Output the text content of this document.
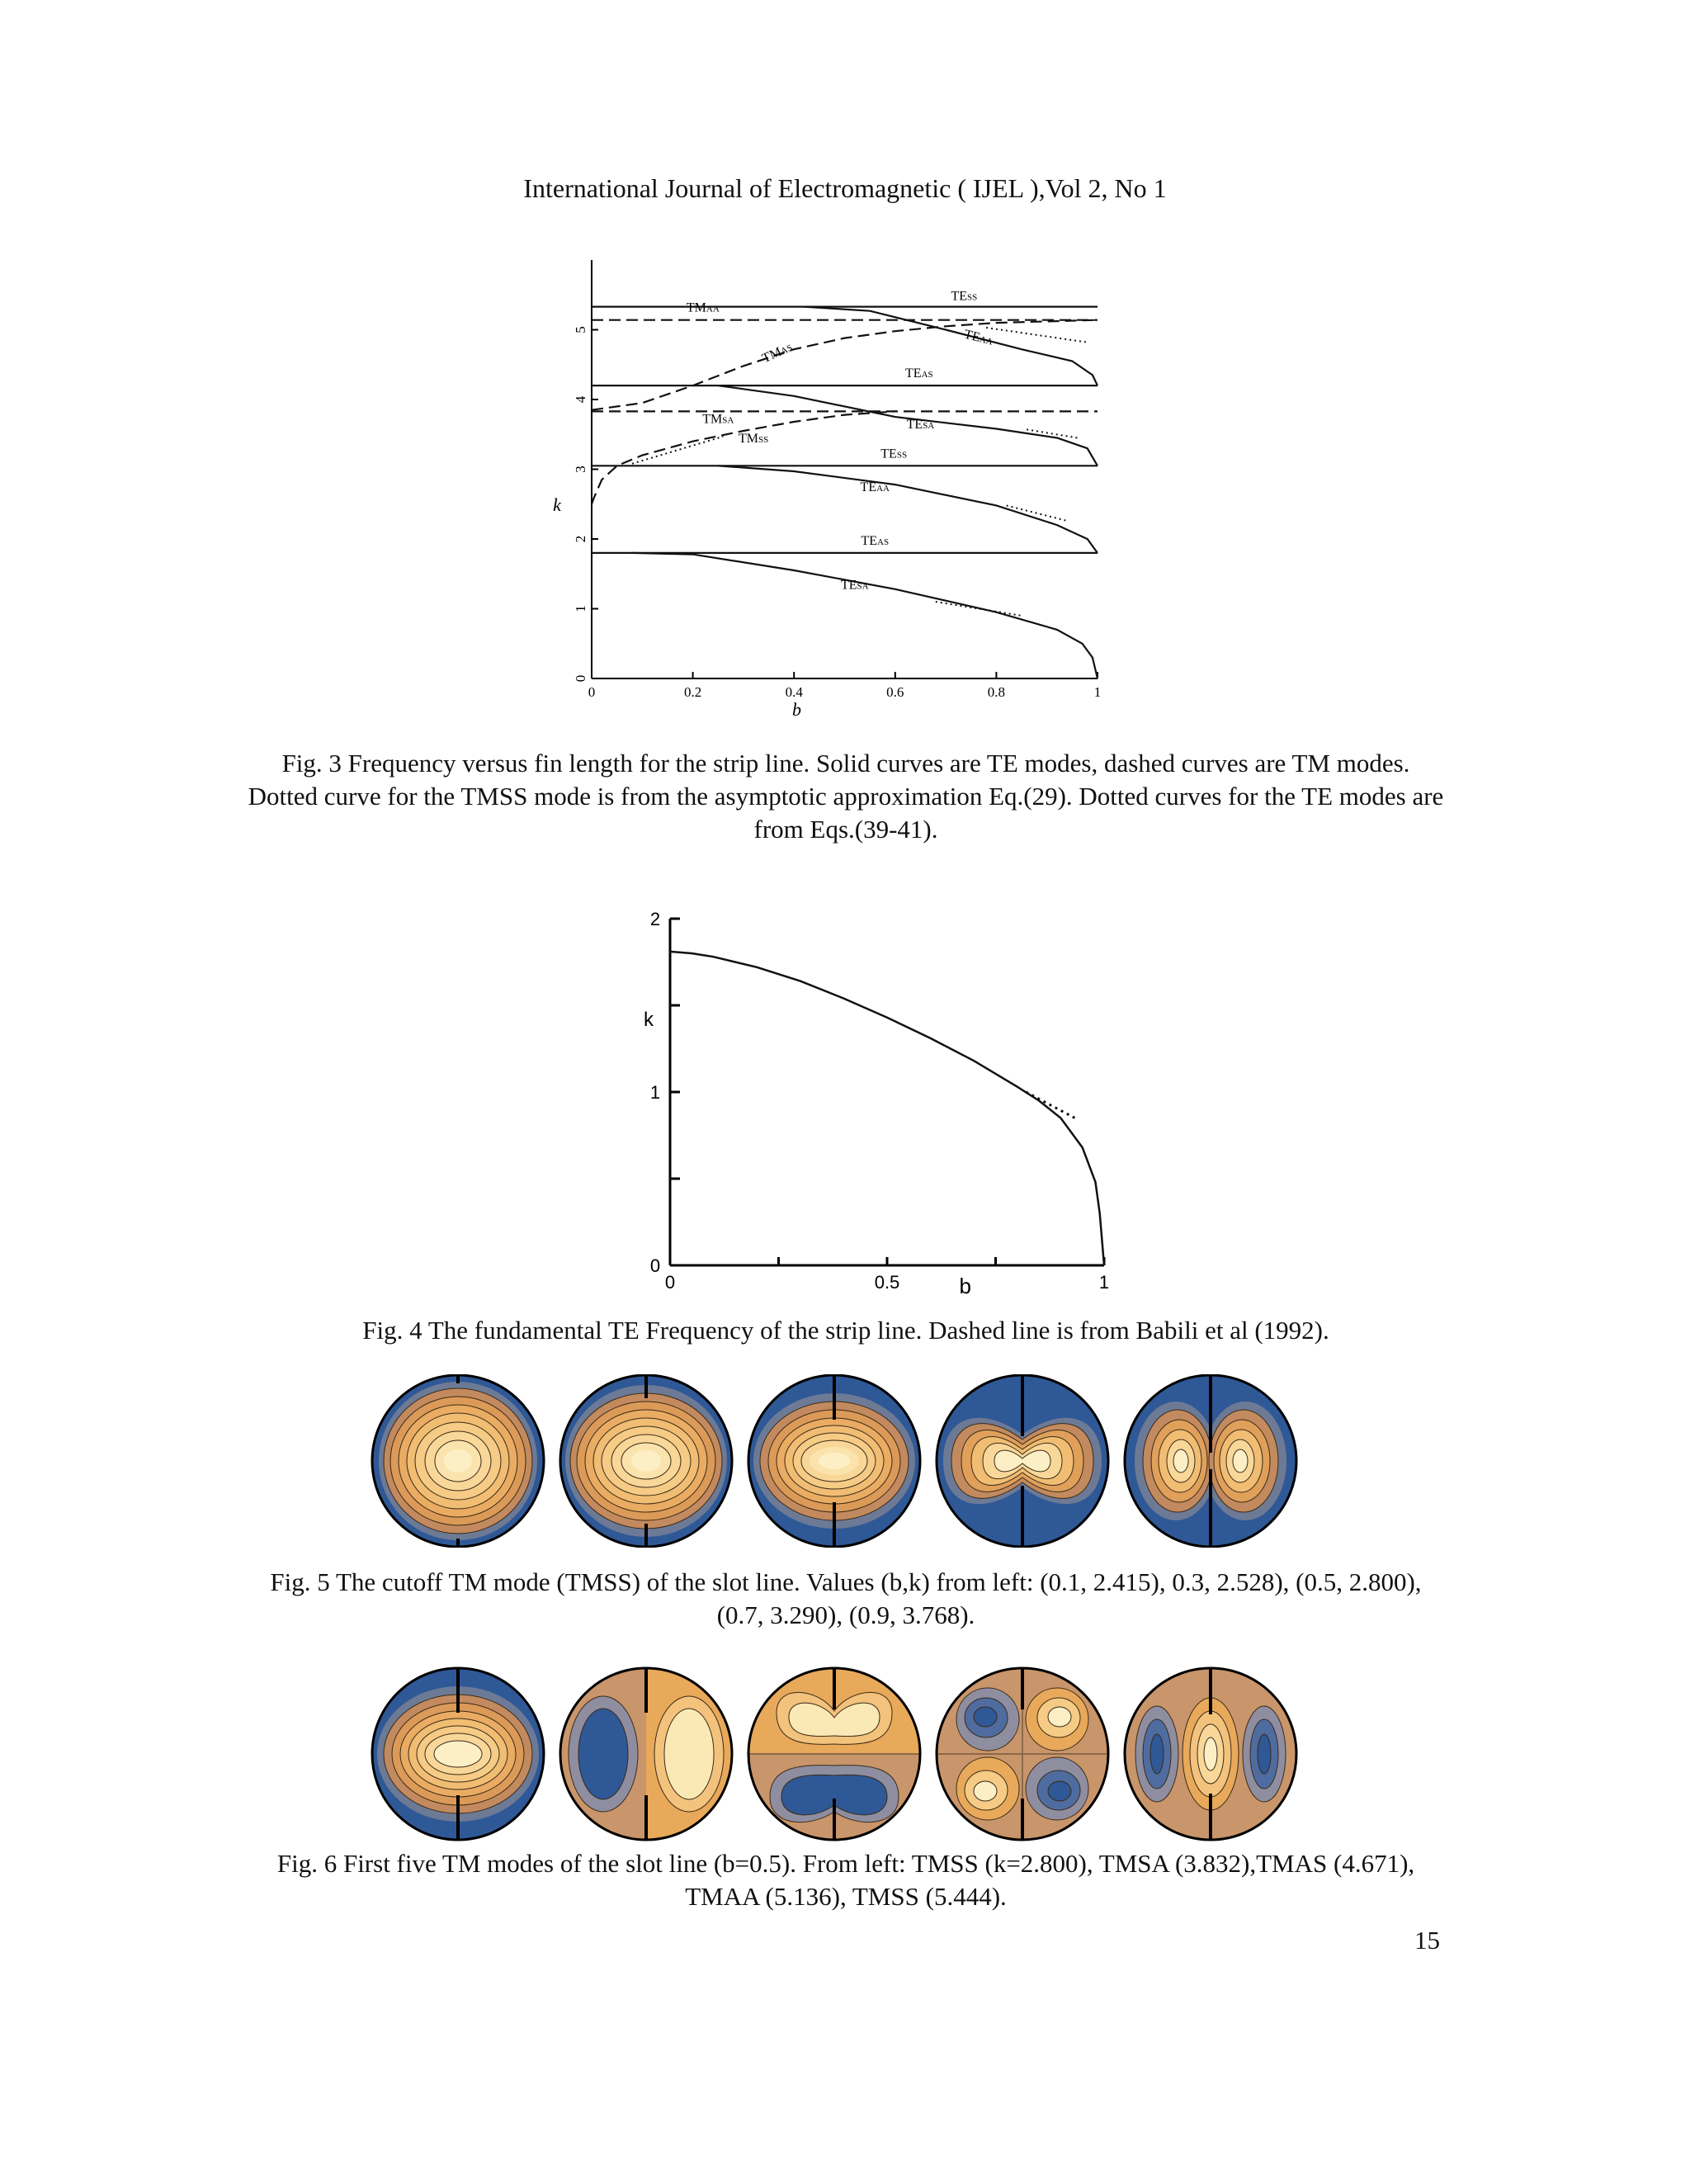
International Journal of Electromagnetic ( IJEL ),Vol 2, No 1
0	0.2	0.4	0.6	0.8	1
0
1
2
3
4
5
b
k
TESS
TMAA
TEAA
TMAS
TEAS
TMSA	TESA
TMSS
TESS
TEAA
TEAS
TESA
Fig. 3 Frequency versus fin length for the strip line. Solid curves are TE modes, dashed curves are TM modes. Dotted curve for the TMSS mode is from the asymptotic approximation Eq.(29). Dotted curves for the TE modes are from Eqs.(39-41).
0	0.5	1
0
1
2
b
k
Fig. 4 The fundamental TE Frequency of the strip line. Dashed line is from Babili et al (1992).
Fig. 5 The cutoff TM mode (TMSS) of the slot line. Values (b,k) from left: (0.1, 2.415), 0.3, 2.528), (0.5, 2.800), (0.7, 3.290), (0.9, 3.768).
Fig. 6 First five TM modes of the slot line (b=0.5). From left: TMSS (k=2.800), TMSA (3.832),TMAS (4.671), TMAA (5.136), TMSS (5.444).
15
